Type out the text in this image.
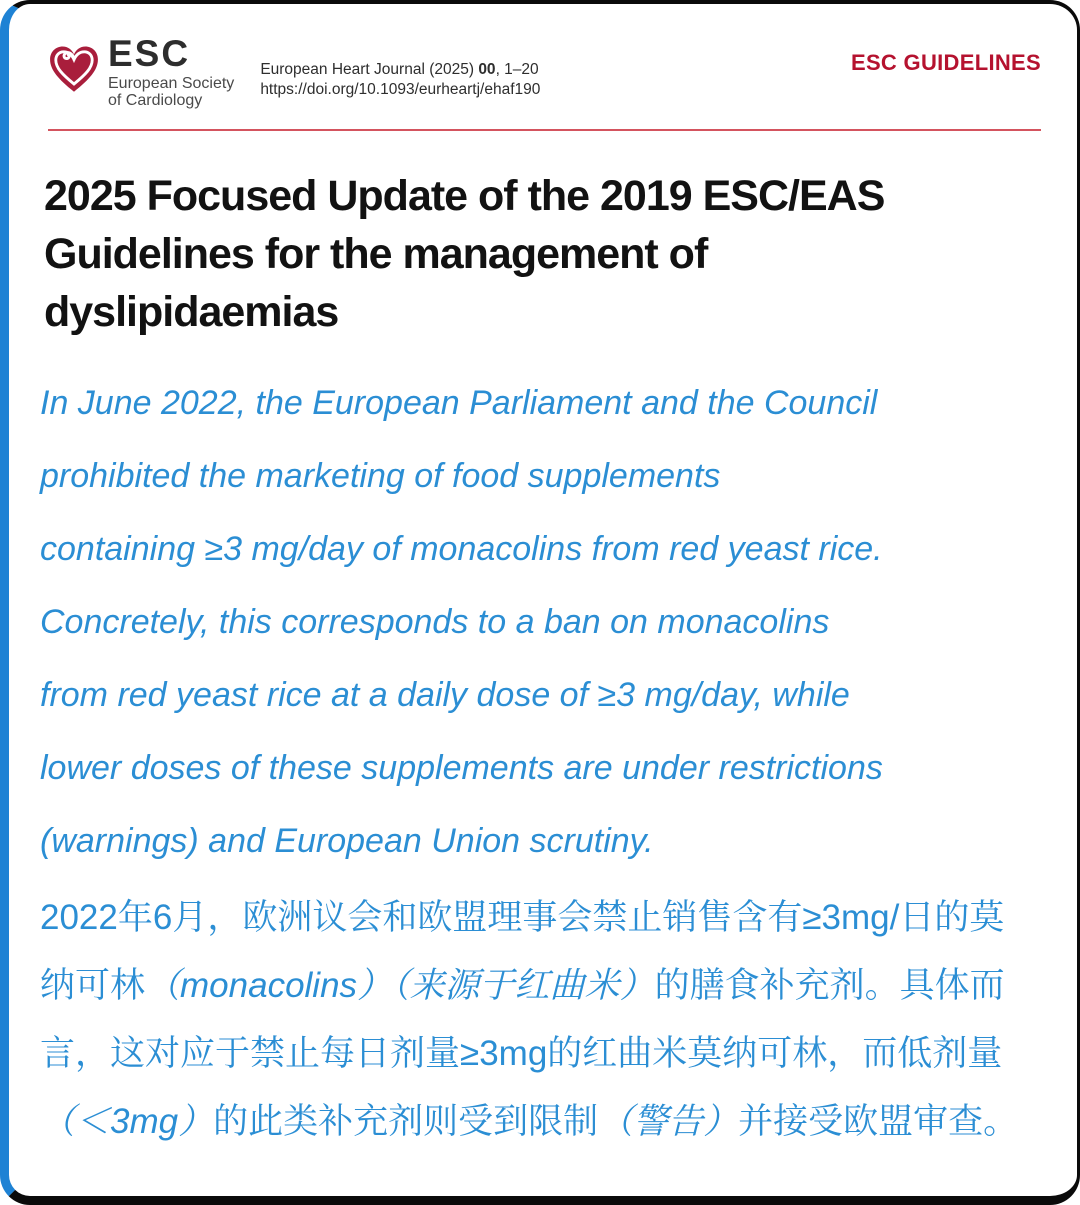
ESC
European Society
of Cardiology
European Heart Journal (2025) 00, 1–20
https://doi.org/10.1093/eurheartj/ehaf190
ESC GUIDELINES
2025 Focused Update of the 2019 ESC/EAS Guidelines for the management of dyslipidaemias
In June 2022, the European Parliament and the Council
prohibited the marketing of food supplements
containing ≥3 mg/day of monacolins from red yeast rice.
Concretely, this corresponds to a ban on monacolins
from red yeast rice at a daily dose of ≥3 mg/day, while
lower doses of these supplements are under restrictions
(warnings) and European Union scrutiny.
2022年6月，欧洲议会和欧盟理事会禁止销售含有≥3mg/日的莫
纳可林（monacolins）（来源于红曲米）的膳食补充剂。具体而
言，这对应于禁止每日剂量≥3mg的红曲米莫纳可林，而低剂量
（＜3mg）的此类补充剂则受到限制（警告）并接受欧盟审查。
